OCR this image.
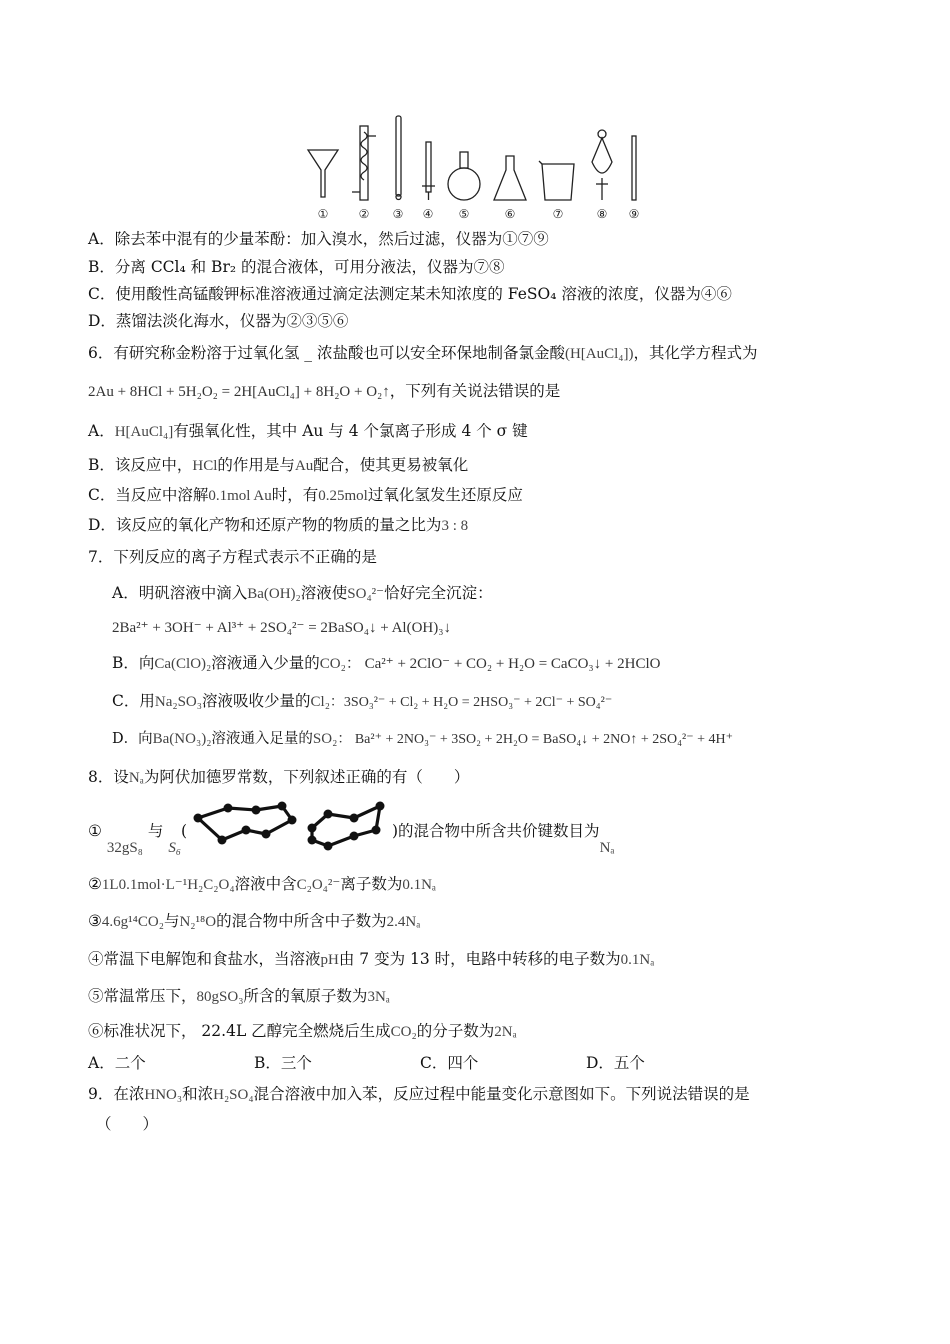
①	② ③ ④ ⑤	⑥	⑦	⑧ ⑨
A．除去苯中混有的少量苯酚：加入溴水，然后过滤，仪器为①⑦⑨
B．分离 CCl₄ 和 Br₂ 的混合液体，可用分液法，仪器为⑦⑧
C．使用酸性高锰酸钾标准溶液通过滴定法测定某未知浓度的 FeSO₄ 溶液的浓度，仪器为④⑥
D．蒸馏法淡化海水，仪器为②③⑤⑥
6．有研究称金粉溶于过氧化氢 _ 浓盐酸也可以安全环保地制备氯金酸(H[AuCl₄])，其化学方程式为
2Au + 8HCl + 5H₂O₂ = 2H[AuCl₄] + 8H₂O + O₂↑，下列有关说法错误的是
A．H[AuCl₄]有强氧化性，其中 Au 与 4 个氯离子形成 4 个 σ 键
B．该反应中，HCl的作用是与Au配合，使其更易被氧化
C．当反应中溶解0.1mol Au时，有0.25mol过氧化氢发生还原反应
D．该反应的氧化产物和还原产物的物质的量之比为3 : 8
7．下列反应的离子方程式表示不正确的是
A．明矾溶液中滴入Ba(OH)₂溶液使SO₄²⁻恰好完全沉淀：
2Ba²⁺ + 3OH⁻ + Al³⁺ + 2SO₄²⁻ = 2BaSO₄↓ + Al(OH)₃↓
B．向Ca(ClO)₂溶液通入少量的CO₂： Ca²⁺ + 2ClO⁻ + CO₂ + H₂O = CaCO₃↓ + 2HClO
C．用Na₂SO₃溶液吸收少量的Cl₂：3SO₃²⁻ + Cl₂ + H₂O = 2HSO₃⁻ + 2Cl⁻ + SO₄²⁻
D．向Ba(NO₃)₂溶液通入足量的SO₂： Ba²⁺ + 2NO₃⁻ + 3SO₂ + 2H₂O = BaSO₄↓ + 2NO↑ + 2SO₄²⁻ + 4H⁺
8．设Nₐ为阿伏加德罗常数，下列叙述正确的有（　　）
① 32gS₈ 与 S₆(	)的混合物中所含共价键数目为Nₐ
②1L0.1mol·L⁻¹H₂C₂O₄溶液中含C₂O₄²⁻离子数为0.1Nₐ
③4.6g¹⁴CO₂与N₂¹⁸O的混合物中所含中子数为2.4Nₐ
④常温下电解饱和食盐水，当溶液pH由 7 变为 13 时，电路中转移的电子数为0.1Nₐ
⑤常温常压下，80gSO₃所含的氧原子数为3Nₐ
⑥标准状况下， 22.4L 乙醇完全燃烧后生成CO₂的分子数为2Nₐ
A．二个	B．三个	C．四个	D．五个
9．在浓HNO₃和浓H₂SO₄混合溶液中加入苯，反应过程中能量变化示意图如下。下列说法错误的是
（　　）
